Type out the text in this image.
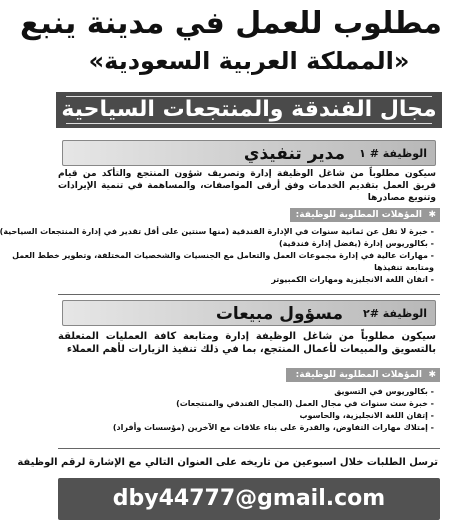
مطلوب للعمل في مدينة ينبع
«المملكة العربية السعودية»
مجال الفندقة والمنتجعات السياحية
الوظيفة # ١
مدير تنفيذي

سيكون مطلوباً من شاغل الوظيفة إدارة وتصريف شؤون المنتجع والتأكد من قيام فريق العمل بتقديم الخدمات وفق أرقى المواصفات، والمساهمة في تنمية الإيرادات وتنويع مصادرها

✱
المؤهلات المطلوبة للوظيفة:
- خبرة لا تقل عن ثمانية سنوات في الإدارة الفندقية (منها سنتين على أقل تقدير في إدارة المنتجعات السياحية)
- بكالوريوس إدارة (يفضل إدارة فندقية)
- مهارات عالية في إدارة مجموعات العمل والتعامل مع الجنسيات والشخصيات المختلفة، وتطوير خطط العمل
ومتابعة تنفيذها
- اتقان اللغة الانجليزية ومهارات الكمبيوتر
الوظيفة #٢
مسؤول مبيعات

سيكون مطلوباً من شاغل الوظيفة إدارة ومتابعة كافة العمليات المتعلقة بالتسويق والمبيعات لأعمال المنتجع، بما في ذلك تنفيذ الزيارات لأهم العملاء

✱
المؤهلات المطلوبة للوظيفة:
- بكالوريوس في التسويق
- خبرة ست سنوات في مجال العمل (المجال الفندقي والمنتجعات)
- إتقان اللغة الانجليزية، والحاسوب
- إمتلاك مهارات التفاوض، والقدرة على بناء علاقات مع الآخرين (مؤسسات وأفراد)
ترسل الطلبات خلال اسبوعين من تاريخه على العنوان التالي مع الإشارة لرقم الوظيفة
dby44777@gmail.com
